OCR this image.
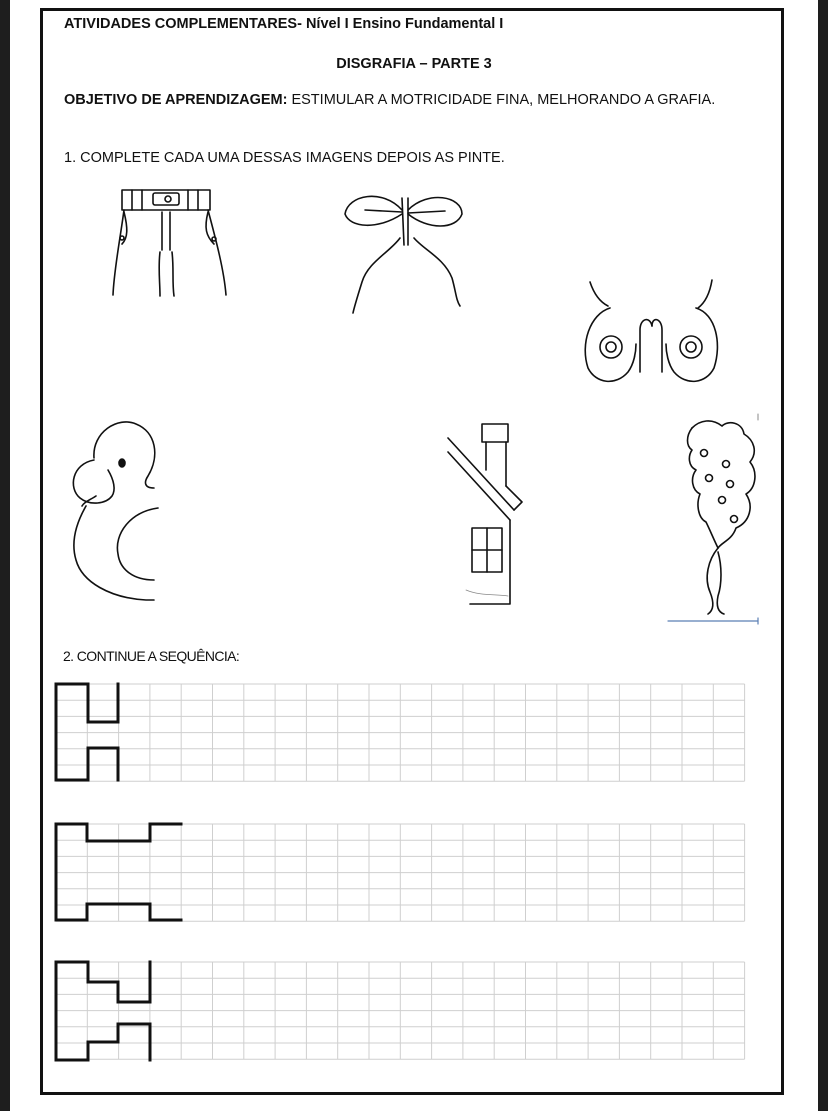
ATIVIDADES COMPLEMENTARES- Nível I Ensino Fundamental I
DISGRAFIA – PARTE 3
OBJETIVO DE APRENDIZAGEM: ESTIMULAR A MOTRICIDADE FINA, MELHORANDO A GRAFIA.
1. COMPLETE CADA UMA DESSAS IMAGENS DEPOIS AS PINTE.
2. CONTINUE A SEQUÊNCIA:
